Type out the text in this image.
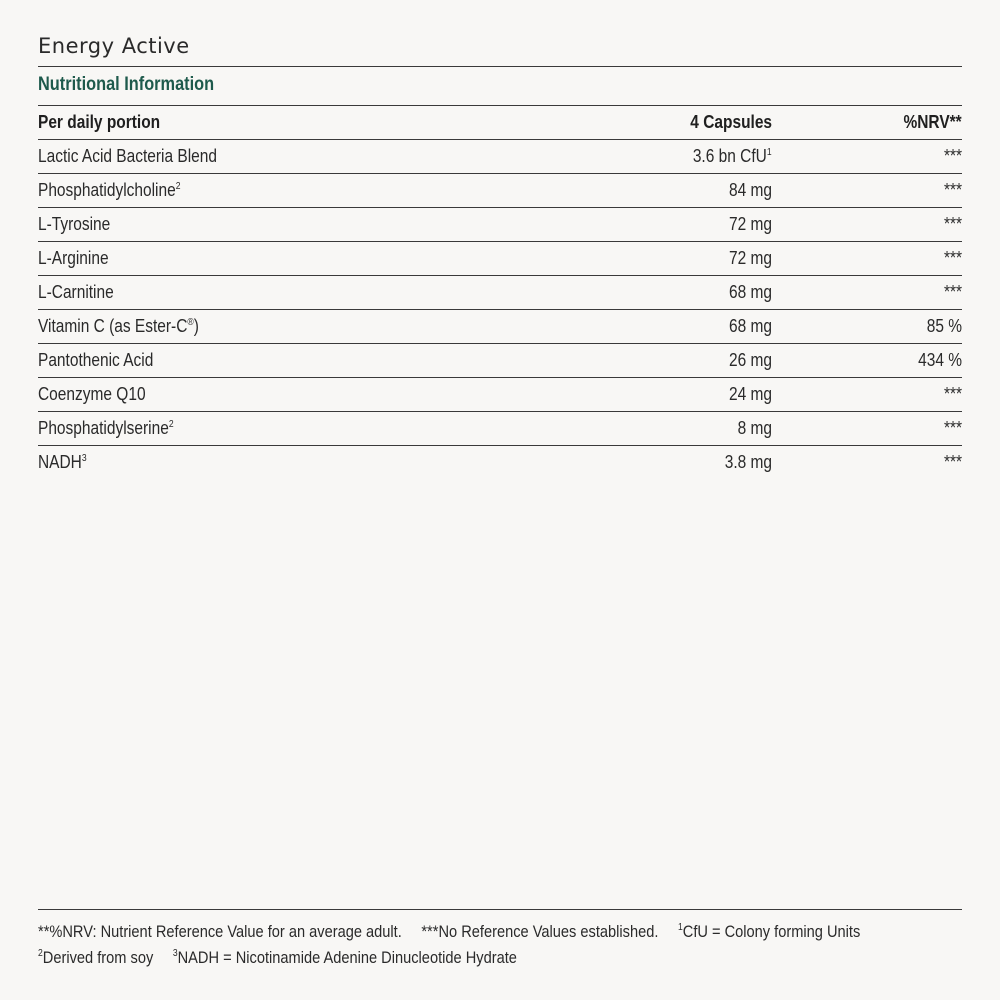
Energy Active
Nutritional Information
Per daily portion	4 Capsules	%NRV**
Lactic Acid Bacteria Blend	3.6 bn CfU$^1$	***
Phosphatidylcholine$^2$	84 mg	***
L-Tyrosine	72 mg	***
L-Arginine	72 mg	***
L-Carnitine	68 mg	***
Vitamin C (as Ester-C®)	68 mg	85 %
Pantothenic Acid	26 mg	434 %
Coenzyme Q10	24 mg	***
Phosphatidylserine$^2$	8 mg	***
NADH$^3$	3.8 mg	***
**%NRV: Nutrient Reference Value for an average adult. ***No Reference Values established. $^1$CfU = Colony forming Units
$^2$Derived from soy $^3$NADH = Nicotinamide Adenine Dinucleotide Hydrate
